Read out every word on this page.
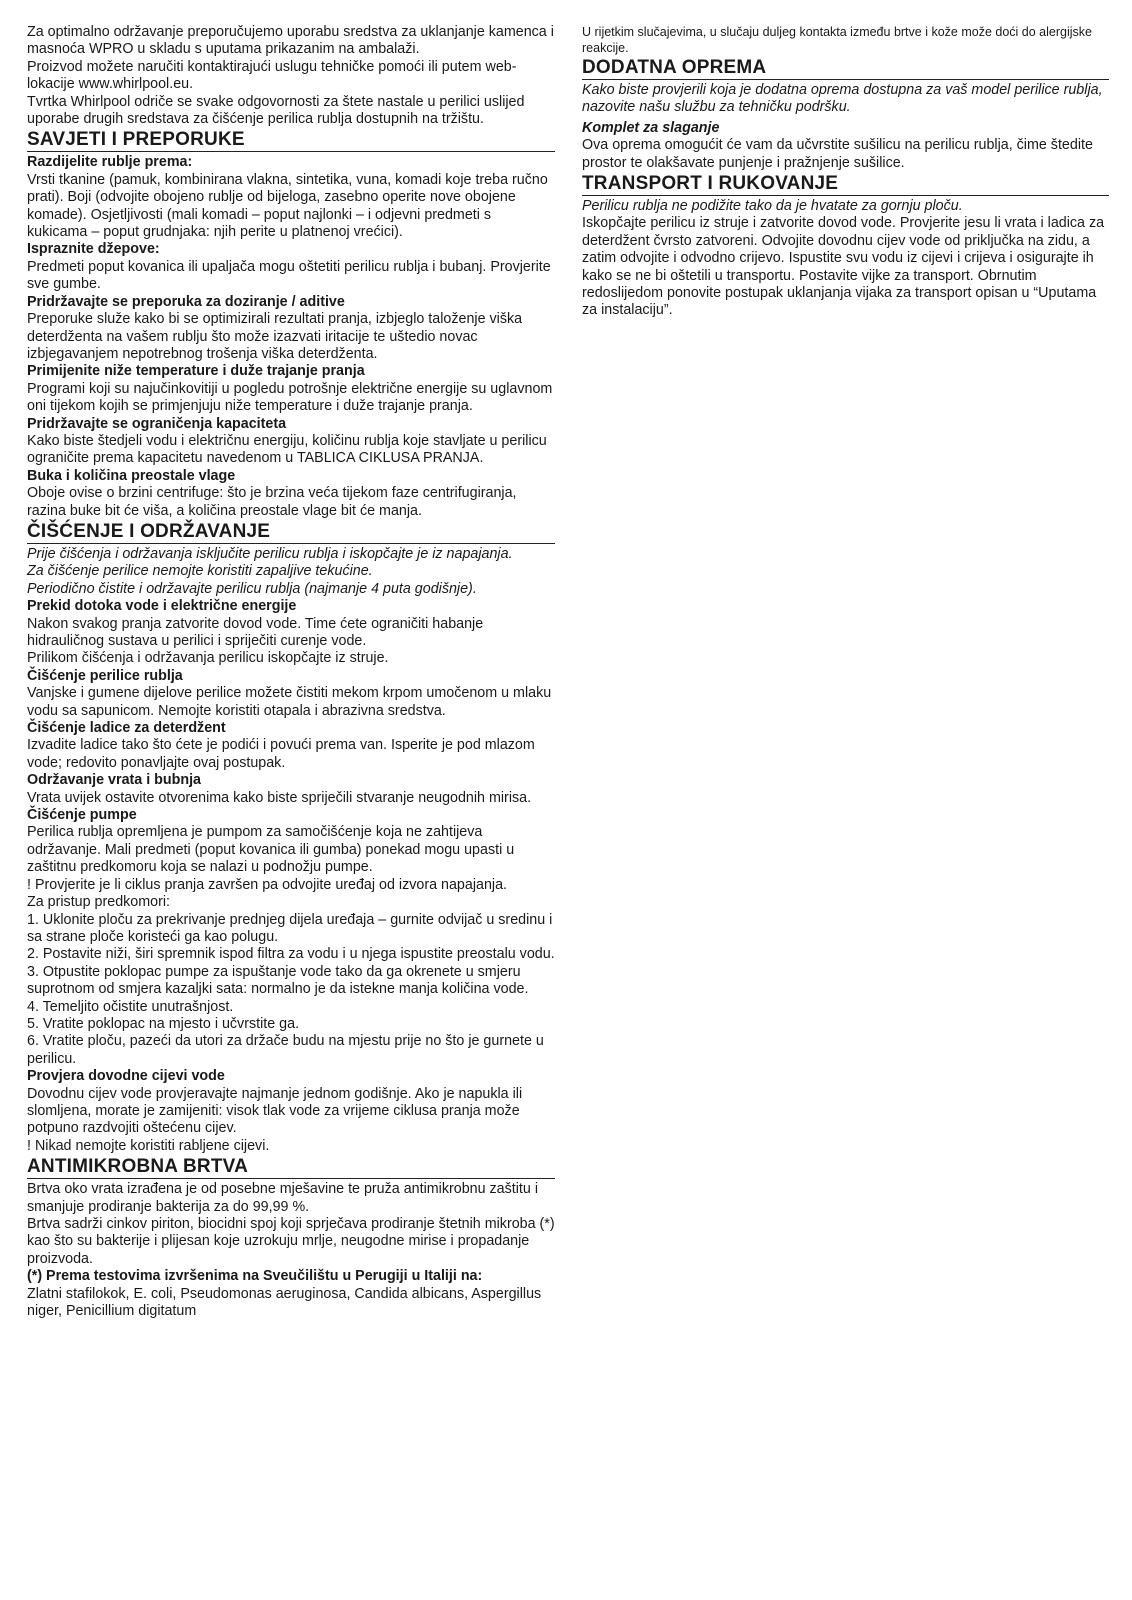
Za optimalno održavanje preporučujemo uporabu sredstva za uklanjanje kamenca i masnoća WPRO u skladu s uputama prikazanim na ambalaži.

Proizvod možete naručiti kontaktirajući uslugu tehničke pomoći ili putem web-lokacije www.whirlpool.eu.

Tvrtka Whirlpool odriče se svake odgovornosti za štete nastale u perilici uslijed uporabe drugih sredstava za čišćenje perilica rublja dostupnih na tržištu.

SAVJETI I PREPORUKE
Razdijelite rublje prema:

Vrsti tkanine (pamuk, kombinirana vlakna, sintetika, vuna, komadi koje treba ručno prati). Boji (odvojite obojeno rublje od bijeloga, zasebno operite nove obojene komade). Osjetljivosti (mali komadi – poput najlonki – i odjevni predmeti s kukicama – poput grudnjaka: njih perite u platnenoj vrećici).

Ispraznite džepove:

Predmeti poput kovanica ili upaljača mogu oštetiti perilicu rublja i bubanj. Provjerite sve gumbe.

Pridržavajte se preporuka za doziranje / aditive

Preporuke služe kako bi se optimizirali rezultati pranja, izbjeglo taloženje viška deterdženta na vašem rublju što može izazvati iritacije te uštedio novac izbjegavanjem nepotrebnog trošenja viška deterdženta.

Primijenite niže temperature i duže trajanje pranja

Programi koji su najučinkovitiji u pogledu potrošnje električne energije su uglavnom oni tijekom kojih se primjenjuju niže temperature i duže trajanje pranja.

Pridržavajte se ograničenja kapaciteta

Kako biste štedjeli vodu i električnu energiju, količinu rublja koje stavljate u perilicu ograničite prema kapacitetu navedenom u TABLICA CIKLUSA PRANJA.

Buka i količina preostale vlage

Oboje ovise o brzini centrifuge: što je brzina veća tijekom faze centrifugiranja, razina buke bit će viša, a količina preostale vlage bit će manja.

ČIŠĆENJE I ODRŽAVANJE

Prije čišćenja i održavanja isključite perilicu rublja i iskopčajte je iz napajanja.

Za čišćenje perilice nemojte koristiti zapaljive tekućine.

Periodično čistite i održavajte perilicu rublja (najmanje 4 puta godišnje).

Prekid dotoka vode i električne energije

Nakon svakog pranja zatvorite dovod vode. Time ćete ograničiti habanje hidrauličnog sustava u perilici i spriječiti curenje vode.

Prilikom čišćenja i održavanja perilicu iskopčajte iz struje.

Čišćenje perilice rublja

Vanjske i gumene dijelove perilice možete čistiti mekom krpom umočenom u mlaku vodu sa sapunicom. Nemojte koristiti otapala i abrazivna sredstva.

Čišćenje ladice za deterdžent

Izvadite ladice tako što ćete je podići i povući prema van. Isperite je pod mlazom vode; redovito ponavljajte ovaj postupak.

Održavanje vrata i bubnja

Vrata uvijek ostavite otvorenima kako biste spriječili stvaranje neugodnih mirisa.

Čišćenje pumpe

Perilica rublja opremljena je pumpom za samočišćenje koja ne zahtijeva održavanje. Mali predmeti (poput kovanica ili gumba) ponekad mogu upasti u zaštitnu predkomoru koja se nalazi u podnožju pumpe.

! Provjerite je li ciklus pranja završen pa odvojite uređaj od izvora napajanja.

Za pristup predkomori:

1. Uklonite ploču za prekrivanje prednjeg dijela uređaja – gurnite odvijač u sredinu i sa strane ploče koristeći ga kao polugu.

2. Postavite niži, širi spremnik ispod filtra za vodu i u njega ispustite preostalu vodu.

3. Otpustite poklopac pumpe za ispuštanje vode tako da ga okrenete u smjeru suprotnom od smjera kazaljki sata: normalno je da istekne manja količina vode.

4. Temeljito očistite unutrašnjost.

5. Vratite poklopac na mjesto i učvrstite ga.

6. Vratite ploču, pazeći da utori za držače budu na mjestu prije no što je gurnete u perilicu.

Provjera dovodne cijevi vode

Dovodnu cijev vode provjeravajte najmanje jednom godišnje. Ako je napukla ili slomljena, morate je zamijeniti: visok tlak vode za vrijeme ciklusa pranja može potpuno razdvojiti oštećenu cijev.

! Nikad nemojte koristiti rabljene cijevi.

ANTIMIKROBNA BRTVA

Brtva oko vrata izrađena je od posebne mješavine te pruža antimikrobnu zaštitu i smanjuje prodiranje bakterija za do 99,99 %.

Brtva sadrži cinkov piriton, biocidni spoj koji sprječava prodiranje štetnih mikroba (*) kao što su bakterije i plijesan koje uzrokuju mrlje, neugodne mirise i propadanje proizvoda.

(*) Prema testovima izvršenima na Sveučilištu u Perugiji u Italiji na:

Zlatni stafilokok, E. coli, Pseudomonas aeruginosa, Candida albicans, Aspergillus niger, Penicillium digitatum

U rijetkim slučajevima, u slučaju duljeg kontakta između brtve i kože može doći do alergijske reakcije.

DODATNA OPREMA

Kako biste provjerili koja je dodatna oprema dostupna za vaš model perilice rublja, nazovite našu službu za tehničku podršku.

Komplet za slaganje

Ova oprema omogućit će vam da učvrstite sušilicu na perilicu rublja, čime štedite prostor te olakšavate punjenje i pražnjenje sušilice.

TRANSPORT I RUKOVANJE

Perilicu rublja ne podižite tako da je hvatate za gornju ploču.

Iskopčajte perilicu iz struje i zatvorite dovod vode. Provjerite jesu li vrata i ladica za deterdžent čvrsto zatvoreni. Odvojite dovodnu cijev vode od priključka na zidu, a zatim odvojite i odvodno crijevo. Ispustite svu vodu iz cijevi i crijeva i osigurajte ih kako se ne bi oštetili u transportu. Postavite vijke za transport. Obrnutim redoslijedom ponovite postupak uklanjanja vijaka za transport opisan u “Uputama za instalaciju”.
